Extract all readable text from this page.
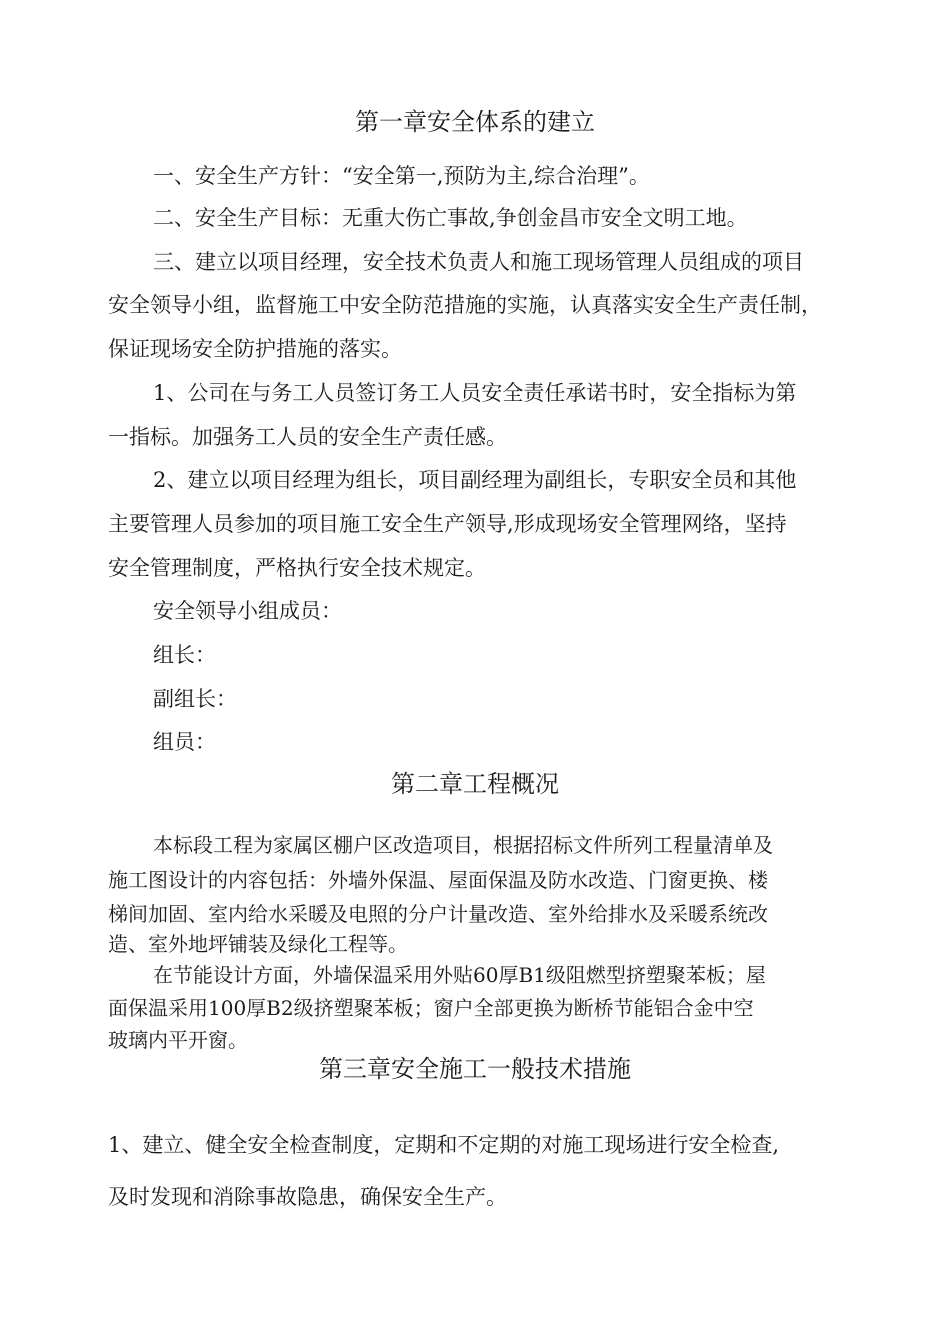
第一章安全体系的建立
一、安全生产方针：“安全第一,预防为主,综合治理”。
二、安全生产目标：无重大伤亡事故,争创金昌市安全文明工地。
三、建立以项目经理，安全技术负责人和施工现场管理人员组成的项目
安全领导小组，监督施工中安全防范措施的实施，认真落实安全生产责任制，
保证现场安全防护措施的落实。
1、公司在与务工人员签订务工人员安全责任承诺书时，安全指标为第
一指标。加强务工人员的安全生产责任感。
2、建立以项目经理为组长，项目副经理为副组长，专职安全员和其他
主要管理人员参加的项目施工安全生产领导,形成现场安全管理网络，坚持
安全管理制度，严格执行安全技术规定。
安全领导小组成员：
组长：
副组长：
组员：
第二章工程概况
本标段工程为家属区棚户区改造项目，根据招标文件所列工程量清单及
施工图设计的内容包括：外墙外保温、屋面保温及防水改造、门窗更换、楼
梯间加固、室内给水采暖及电照的分户计量改造、室外给排水及采暖系统改
造、室外地坪铺装及绿化工程等。
在节能设计方面，外墙保温采用外贴60厚B1级阻燃型挤塑聚苯板；屋
面保温采用100厚B2级挤塑聚苯板；窗户全部更换为断桥节能铝合金中空
玻璃内平开窗。
第三章安全施工一般技术措施
1、建立、健全安全检查制度，定期和不定期的对施工现场进行安全检查,
及时发现和消除事故隐患，确保安全生产。
